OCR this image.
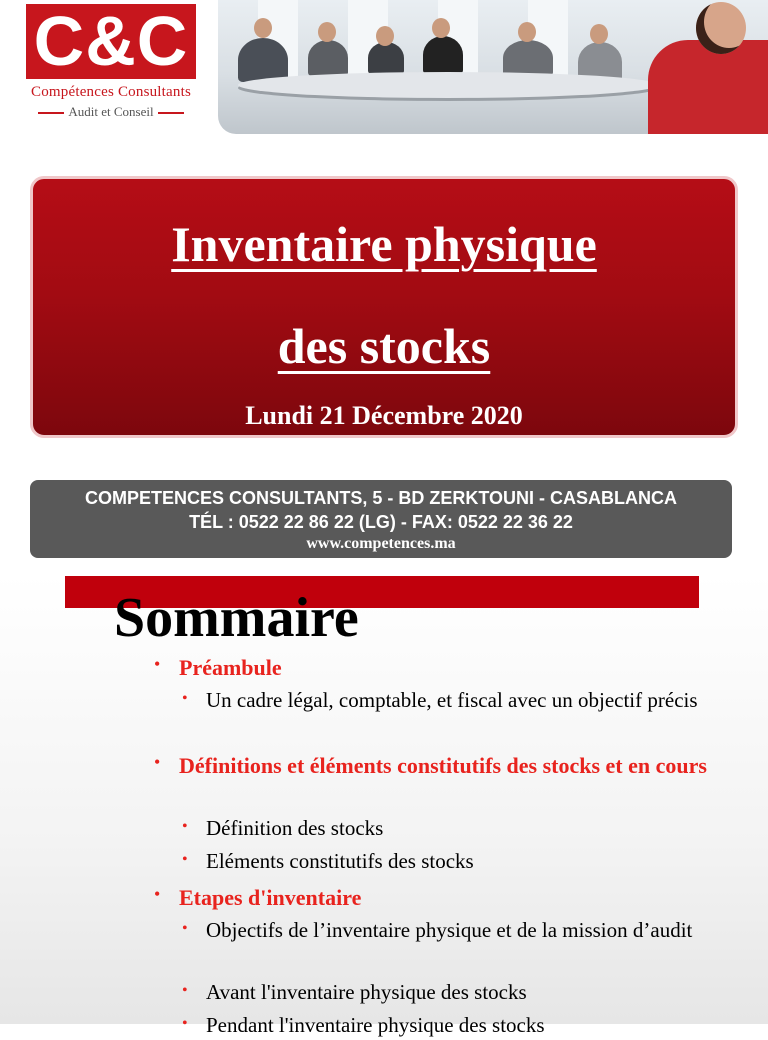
C&C
Compétences Consultants
Audit et Conseil
Inventaire physique
des stocks
Lundi 21 Décembre 2020
COMPETENCES CONSULTANTS, 5 - BD ZERKTOUNI - CASABLANCA
TÉL : 0522 22 86 22 (LG) - FAX: 0522 22 36 22
www.competences.ma
Sommaire
• Préambule
• Un cadre légal, comptable, et fiscal avec un objectif précis
• Définitions et éléments constitutifs des stocks et en cours
• Définition des stocks
• Eléments constitutifs des stocks
• Etapes d'inventaire
• Objectifs de l’inventaire physique et de la mission d’audit
• Avant l'inventaire physique des stocks
• Pendant l'inventaire physique des stocks
